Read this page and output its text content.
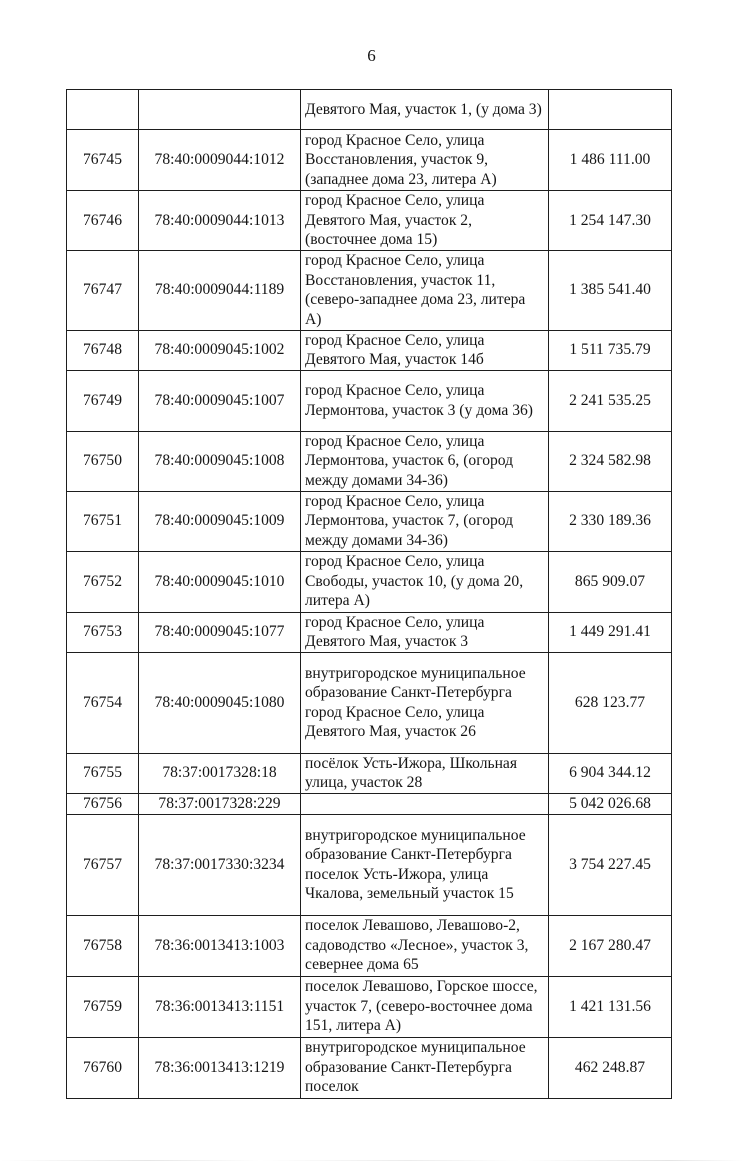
6
		Девятого Мая, участок 1, (у дома 3)	
76745	78:40:0009044:1012	город Красное Село, улица Восстановления, участок 9, (западнее дома 23, литера А)	1 486 111.00
76746	78:40:0009044:1013	город Красное Село, улица Девятого Мая, участок 2, (восточнее дома 15)	1 254 147.30
76747	78:40:0009044:1189	город Красное Село, улица Восстановления, участок 11, (северо-западнее дома 23, литера А)	1 385 541.40
76748	78:40:0009045:1002	город Красное Село, улица Девятого Мая, участок 14б	1 511 735.79
76749	78:40:0009045:1007	город Красное Село, улица Лермонтова, участок 3 (у дома 36)	2 241 535.25
76750	78:40:0009045:1008	город Красное Село, улица Лермонтова, участок 6, (огород между домами 34-36)	2 324 582.98
76751	78:40:0009045:1009	город Красное Село, улица Лермонтова, участок 7, (огород между домами 34-36)	2 330 189.36
76752	78:40:0009045:1010	город Красное Село, улица Свободы, участок 10, (у дома 20, литера А)	865 909.07
76753	78:40:0009045:1077	город Красное Село, улица Девятого Мая, участок 3	1 449 291.41
76754	78:40:0009045:1080	внутригородское муниципальное образование Санкт-Петербурга город Красное Село, улица Девятого Мая, участок 26	628 123.77
76755	78:37:0017328:18	посёлок Усть-Ижора, Школьная улица, участок 28	6 904 344.12
76756	78:37:0017328:229		5 042 026.68
76757	78:37:0017330:3234	внутригородское муниципальное образование Санкт-Петербурга поселок Усть-Ижора, улица Чкалова, земельный участок 15	3 754 227.45
76758	78:36:0013413:1003	поселок Левашово, Левашово-2, садоводство «Лесное», участок 3, севернее дома 65	2 167 280.47
76759	78:36:0013413:1151	поселок Левашово, Горское шоссе, участок 7, (северо-восточнее дома 151, литера А)	1 421 131.56
76760	78:36:0013413:1219	внутригородское муниципальное образование Санкт-Петербурга поселок	462 248.87
